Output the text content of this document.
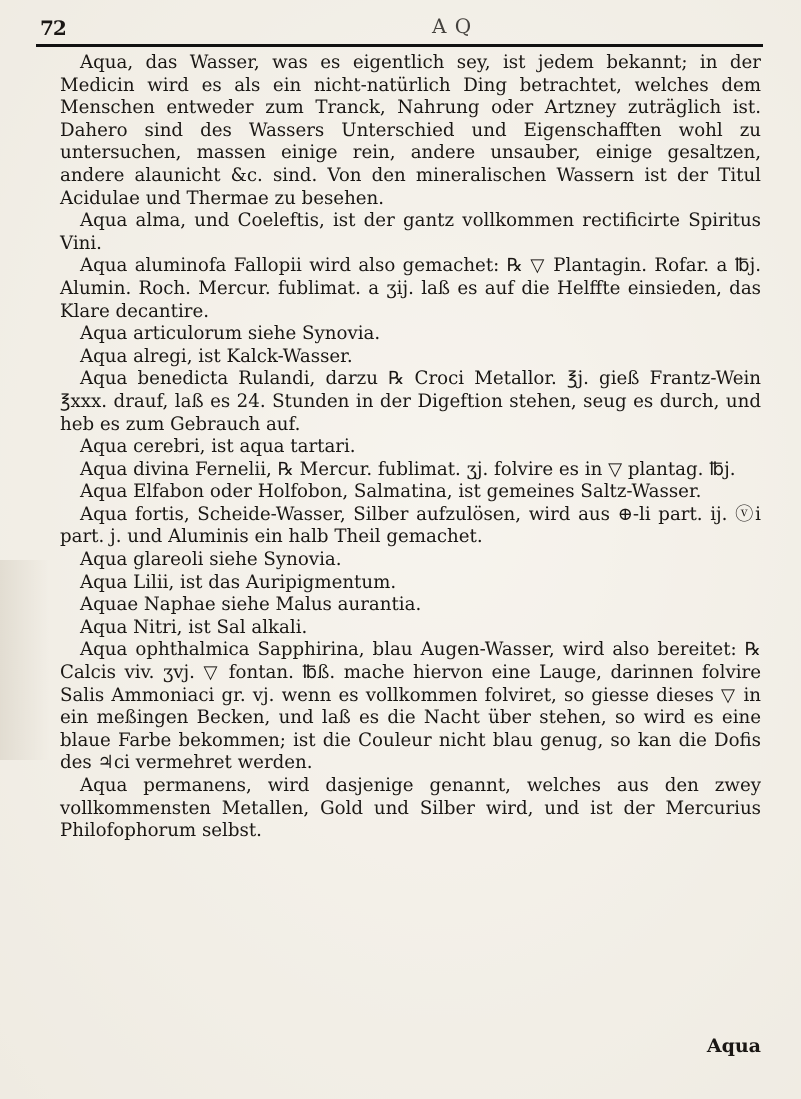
72	A Q

Aqua, das Wasser, was es eigentlich sey, ist jedem bekannt; in der Medicin wird es als ein nicht-natürlich Ding betrachtet, welches dem Menschen entweder zum Tranck, Nahrung oder Artzney zuträglich ist. Dahero sind des Wassers Unterschied und Eigenschafften wohl zu untersuchen, massen einige rein, andere unsauber, einige gesaltzen, andere alaunicht &c. sind. Von den mineralischen Wassern ist der Titul Acidulae und Thermae zu besehen.

Aqua alma, und Coeleftis, ist der gantz vollkommen rectificirte Spiritus Vini.

Aqua aluminofa Fallopii wird also gemachet: ℞ ▽ Plantagin. Rofar. a ℔j. Alumin. Roch. Mercur. fublimat. a ʒij. laß es auf die Helffte einsieden, das Klare decantire.

Aqua articulorum siehe Synovia.

Aqua alregi, ist Kalck-Wasser.

Aqua benedicta Rulandi, darzu ℞ Croci Metallor. ℥j. gieß Frantz-Wein ℥xxx. drauf, laß es 24. Stunden in der Digeftion stehen, seug es durch, und heb es zum Gebrauch auf.

Aqua cerebri, ist aqua tartari.

Aqua divina Fernelii, ℞ Mercur. fublimat. ʒj. folvire es in ▽ plantag. ℔j.

Aqua Elfabon oder Holfobon, Salmatina, ist gemeines Saltz-Wasser.

Aqua fortis, Scheide-Wasser, Silber aufzulösen, wird aus ⊕-li part. ij. ⓥi part. j. und Aluminis ein halb Theil gemachet.

Aqua glareoli siehe Synovia.

Aqua Lilii, ist das Auripigmentum.

Aquae Naphae siehe Malus aurantia.

Aqua Nitri, ist Sal alkali.

Aqua ophthalmica Sapphirina, blau Augen-Wasser, wird also bereitet: ℞ Calcis viv. ʒvj. ▽ fontan. ℔ß. mache hiervon eine Lauge, darinnen folvire Salis Ammoniaci gr. vj. wenn es vollkommen folviret, so giesse dieses ▽ in ein meßingen Becken, und laß es die Nacht über stehen, so wird es eine blaue Farbe bekommen; ist die Couleur nicht blau genug, so kan die Dofis des ♃ci vermehret werden.

Aqua permanens, wird dasjenige genannt, welches aus den zwey vollkommensten Metallen, Gold und Silber wird, und ist der Mercurius Philofophorum selbst.

Aqua
